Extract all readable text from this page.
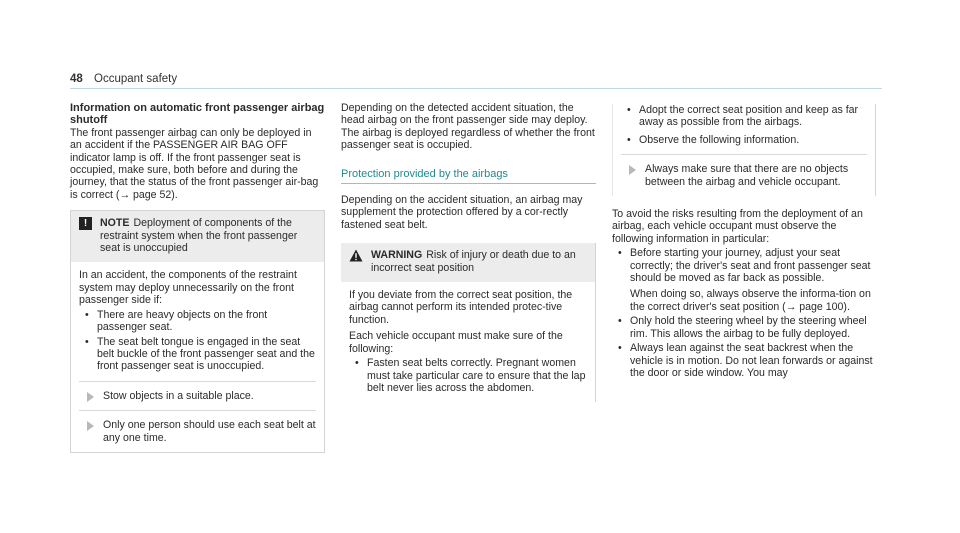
48 Occupant safety

Information on automatic front passenger airbag shutoff

The front passenger airbag can only be deployed in an accident if the PASSENGER AIR BAG OFF indicator lamp is off. If the front passenger seat is occupied, make sure, both before and during the journey, that the status of the front passenger air-bag is correct (→ page 52).

!	NOTE Deployment of components of the restraint system when the front passenger seat is unoccupied

In an accident, the components of the restraint system may deploy unnecessarily on the front passenger side if:

• There are heavy objects on the front passenger seat.
• The seat belt tongue is engaged in the seat belt buckle of the front passenger seat and the front passenger seat is unoccupied.

Stow objects in a suitable place.

Only one person should use each seat belt at any one time.

Depending on the detected accident situation, the head airbag on the front passenger side may deploy. The airbag is deployed regardless of whether the front passenger seat is occupied.

Protection provided by the airbags

Depending on the accident situation, an airbag may supplement the protection offered by a cor-rectly fastened seat belt.

WARNING Risk of injury or death due to an incorrect seat position

If you deviate from the correct seat position, the airbag cannot perform its intended protec-tive function.

Each vehicle occupant must make sure of the following:

• Fasten seat belts correctly. Pregnant women must take particular care to ensure that the lap belt never lies across the abdomen.
• Adopt the correct seat position and keep as far away as possible from the airbags.
• Observe the following information.

Always make sure that there are no objects between the airbag and vehicle occupant.

To avoid the risks resulting from the deployment of an airbag, each vehicle occupant must observe the following information in particular:

• Before starting your journey, adjust your seat correctly; the driver's seat and front passenger seat should be moved as far back as possible.

When doing so, always observe the informa-tion on the correct driver's seat position (→ page 100).

• Only hold the steering wheel by the steering wheel rim. This allows the airbag to be fully deployed.
• Always lean against the seat backrest when the vehicle is in motion. Do not lean forwards or against the door or side window. You may
